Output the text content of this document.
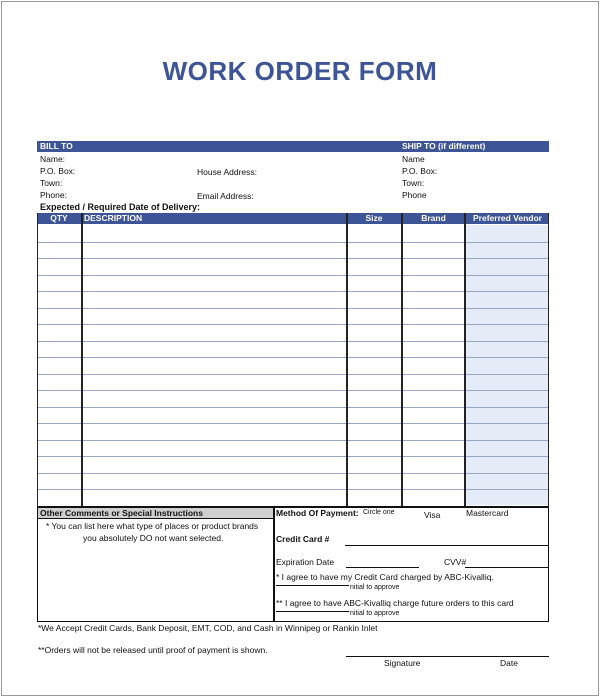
WORK ORDER FORM
BILL TO	SHIP TO (if different)
Name:
P.O. Box:
Town:
Phone:
House Address:
Email Address:
Name
P.O. Box:
Town:
Phone
Expected / Required Date of Delivery:
QTY	DESCRIPTION	Size	Brand	Preferred Vendor
Other Comments or Special Instructions
* You can list here what type of places or product brands
you absolutely DO not want selected.
Method Of Payment: Circle one	Visa	Mastercard
Credit Card #
Expiration Date	CVV#
* I agree to have my Credit Card charged by ABC-Kivalliq.
nitial to approve
** I agree to have ABC-Kivalliq charge future orders to this card
nitial to approve
*We Accept Credit Cards, Bank Deposit, EMT, COD, and Cash in Winnipeg or Rankin Inlet
**Orders will not be released until proof of payment is shown.
Signature	Date
